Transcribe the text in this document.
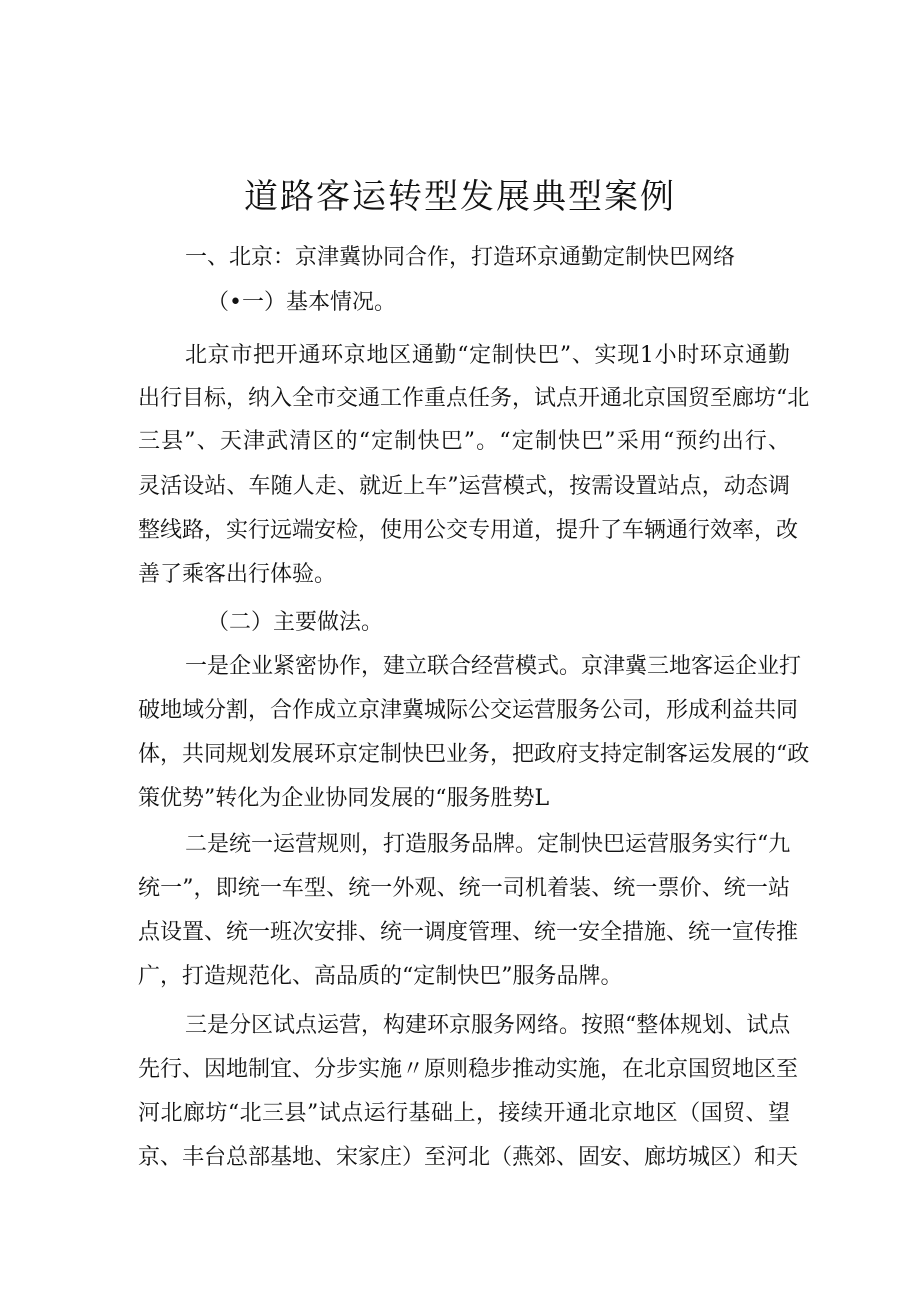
道路客运转型发展典型案例

一、北京：京津冀协同合作，打造环京通勤定制快巴网络

（•一）基本情况。

北京市把开通环京地区通勤“定制快巴”、实现1小时环京通勤

出行目标，纳入全市交通工作重点任务，试点开通北京国贸至廊坊“北

三县”、天津武清区的“定制快巴”。“定制快巴”采用“预约出行、

灵活设站、车随人走、就近上车”运营模式，按需设置站点，动态调

整线路，实行远端安检，使用公交专用道，提升了车辆通行效率，改

善了乘客出行体验。

（二）主要做法。

一是企业紧密协作，建立联合经营模式。京津冀三地客运企业打

破地域分割，合作成立京津冀城际公交运营服务公司，形成利益共同

体，共同规划发展环京定制快巴业务，把政府支持定制客运发展的“政

策优势”转化为企业协同发展的“服务胜势L

二是统一运营规则，打造服务品牌。定制快巴运营服务实行“九

统一”，即统一车型、统一外观、统一司机着装、统一票价、统一站

点设置、统一班次安排、统一调度管理、统一安全措施、统一宣传推

广，打造规范化、高品质的“定制快巴”服务品牌。

三是分区试点运营，构建环京服务网络。按照“整体规划、试点

先行、因地制宜、分步实施〃原则稳步推动实施，在北京国贸地区至

河北廊坊“北三县”试点运行基础上，接续开通北京地区（国贸、望

京、丰台总部基地、宋家庄）至河北（燕郊、固安、廊坊城区）和天
